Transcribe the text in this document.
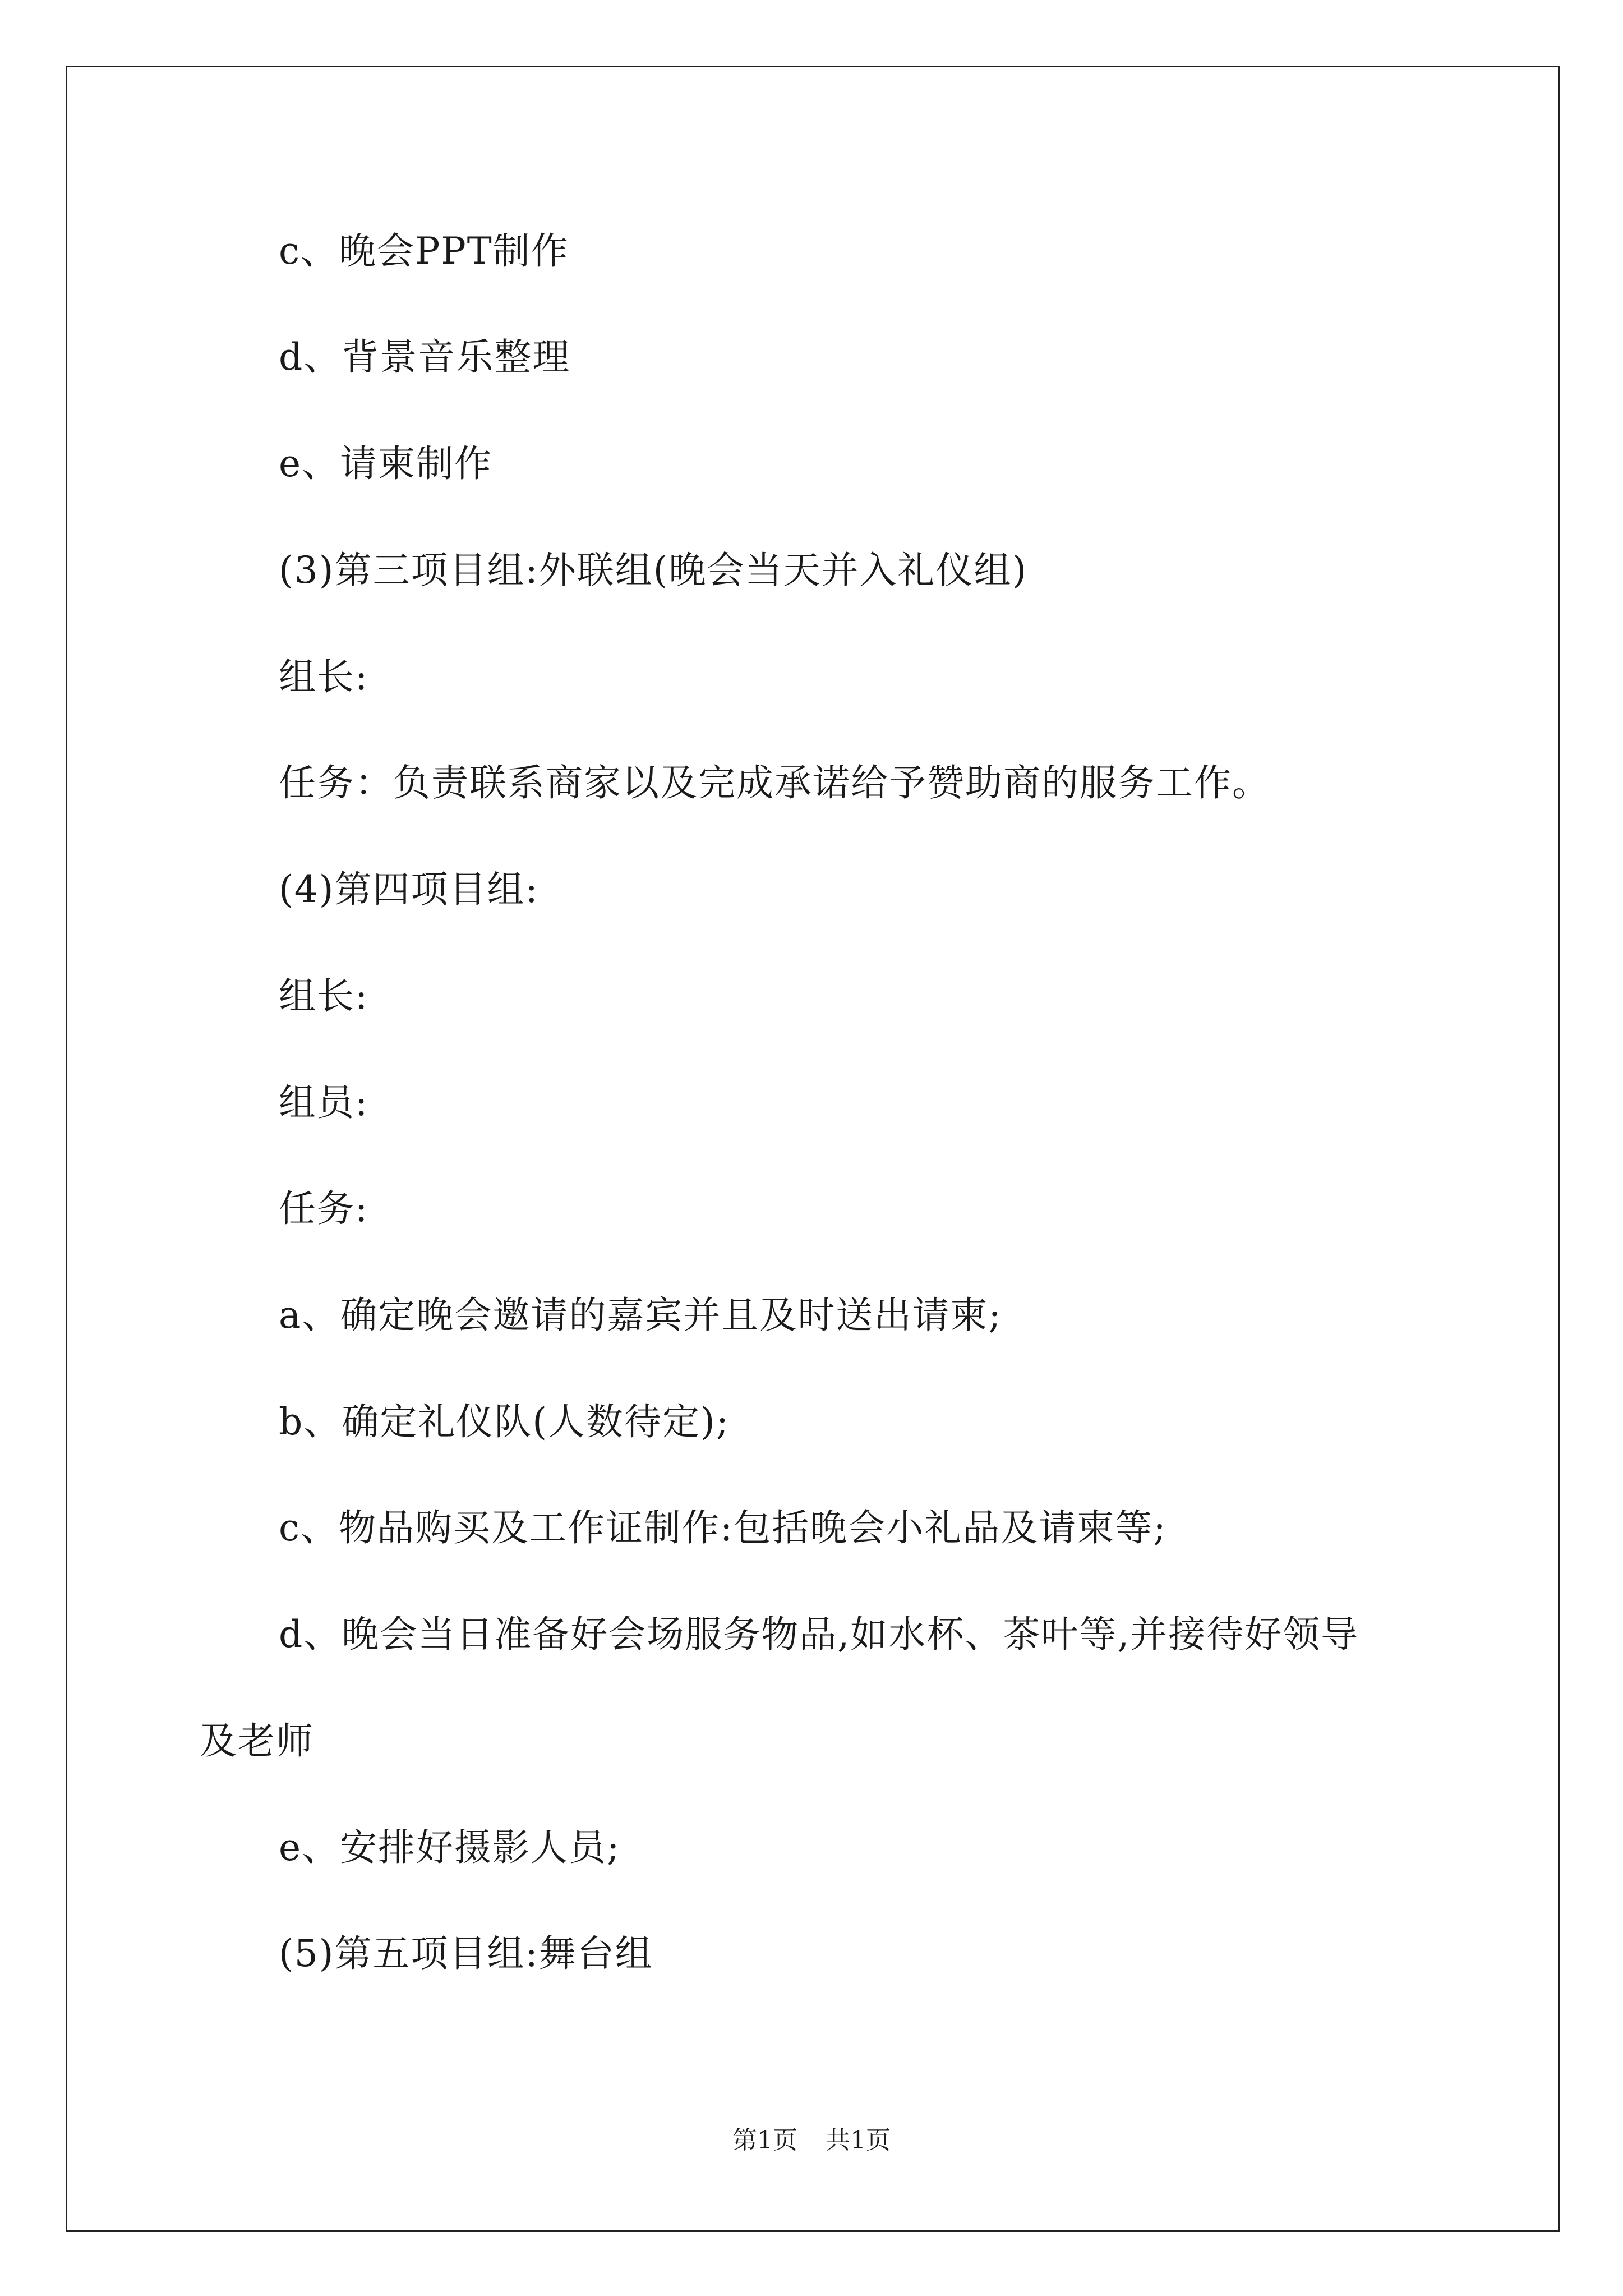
c、晚会PPT制作
d、背景音乐整理
e、请柬制作
(3)第三项目组:外联组(晚会当天并入礼仪组)
组长:
任务：负责联系商家以及完成承诺给予赞助商的服务工作。
(4)第四项目组:
组长:
组员:
任务:
a、确定晚会邀请的嘉宾并且及时送出请柬;
b、确定礼仪队(人数待定);
c、物品购买及工作证制作:包括晚会小礼品及请柬等;
d、晚会当日准备好会场服务物品,如水杯、茶叶等,并接待好领导
及老师
e、安排好摄影人员;
(5)第五项目组:舞台组
第1页 共1页
